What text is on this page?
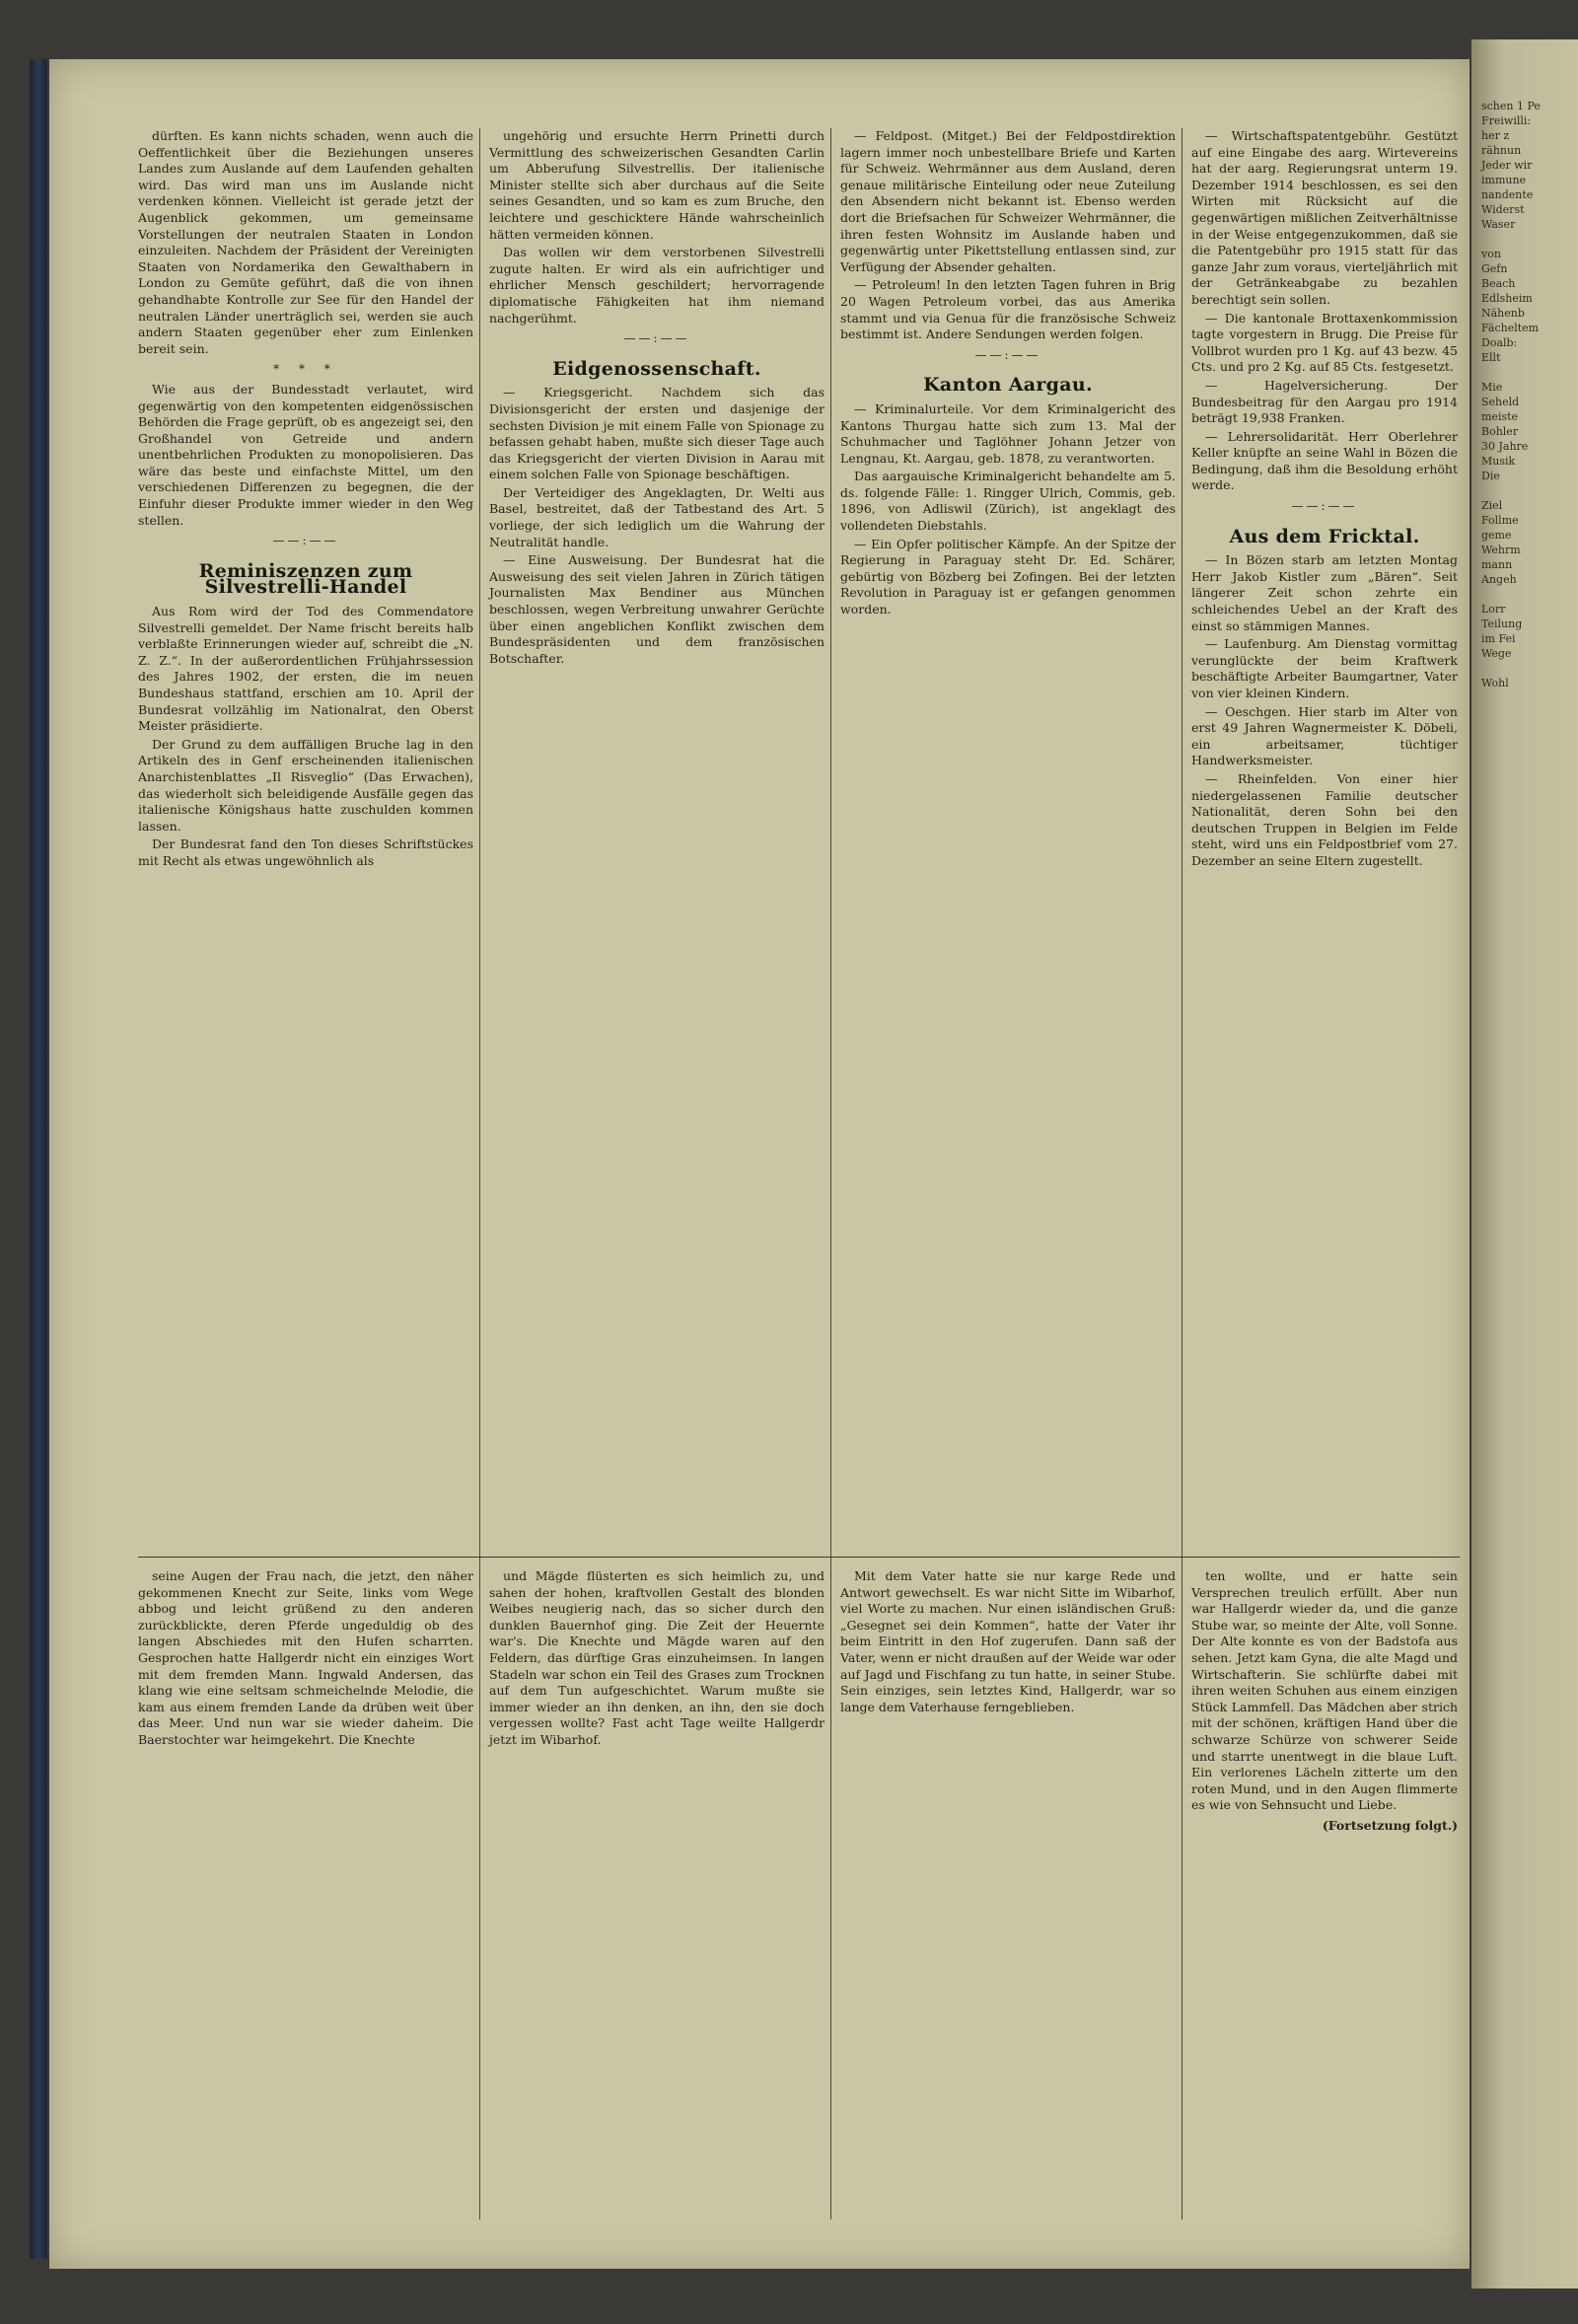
schen 1 Pe
Freiwilli:
her z
rähnun
Jeder wir
immune
nandente
Widerst
Waser

von
Gefn
Beach
Edlsheim
Nähenb
Fächeltem
Doalb:
Ellt

Mie
Seheld
meiste
Bohler
30 Jahre
Musik
Die

Ziel
Follme
geme
Wehrm
mann
Angeh

Lorr
Teilung
im Fei
Wege

Wohl

dürften. Es kann nichts schaden, wenn auch die Oeffentlichkeit über die Beziehungen unseres Landes zum Auslande auf dem Laufenden gehalten wird. Das wird man uns im Auslande nicht verdenken können. Vielleicht ist gerade jetzt der Augenblick gekommen, um gemeinsame Vorstellungen der neutralen Staaten in London einzuleiten. Nachdem der Präsident der Vereinigten Staaten von Nordamerika den Gewalthabern in London zu Gemüte geführt, daß die von ihnen gehandhabte Kontrolle zur See für den Handel der neutralen Länder unerträglich sei, werden sie auch andern Staaten gegenüber eher zum Einlenken bereit sein.

* * *

Wie aus der Bundesstadt verlautet, wird gegenwärtig von den kompetenten eidgenössischen Behörden die Frage geprüft, ob es angezeigt sei, den Großhandel von Getreide und andern unentbehrlichen Produkten zu monopolisieren. Das wäre das beste und einfachste Mittel, um den verschiedenen Differenzen zu begegnen, die der Einfuhr dieser Produkte immer wieder in den Weg stellen.

——:——
Reminiszenzen zum Silvestrelli-Handel

Aus Rom wird der Tod des Commendatore Silvestrelli gemeldet. Der Name frischt bereits halb verblaßte Erinnerungen wieder auf, schreibt die „N. Z. Z.“. In der außerordentlichen Frühjahrssession des Jahres 1902, der ersten, die im neuen Bundeshaus stattfand, erschien am 10. April der Bundesrat vollzählig im Nationalrat, den Oberst Meister präsidierte.

Der Grund zu dem auffälligen Bruche lag in den Artikeln des in Genf erscheinenden italienischen Anarchistenblattes „Il Risveglio“ (Das Erwachen), das wiederholt sich beleidigende Ausfälle gegen das italienische Königshaus hatte zuschulden kommen lassen.

Der Bundesrat fand den Ton dieses Schriftstückes mit Recht als etwas ungewöhnlich als

ungehörig und ersuchte Herrn Prinetti durch Vermittlung des schweizerischen Gesandten Carlin um Abberufung Silvestrellis. Der italienische Minister stellte sich aber durchaus auf die Seite seines Gesandten, und so kam es zum Bruche, den leichtere und geschicktere Hände wahrscheinlich hätten vermeiden können.

Das wollen wir dem verstorbenen Silvestrelli zugute halten. Er wird als ein aufrichtiger und ehrlicher Mensch geschildert; hervorragende diplomatische Fähigkeiten hat ihm niemand nachgerühmt.

——:——
Eidgenossenschaft.

— Kriegsgericht. Nachdem sich das Divisionsgericht der ersten und dasjenige der sechsten Division je mit einem Falle von Spionage zu befassen gehabt haben, mußte sich dieser Tage auch das Kriegsgericht der vierten Division in Aarau mit einem solchen Falle von Spionage beschäftigen.

Der Verteidiger des Angeklagten, Dr. Welti aus Basel, bestreitet, daß der Tatbestand des Art. 5 vorliege, der sich lediglich um die Wahrung der Neutralität handle.

— Eine Ausweisung. Der Bundesrat hat die Ausweisung des seit vielen Jahren in Zürich tätigen Journalisten Max Bendiner aus München beschlossen, wegen Verbreitung unwahrer Gerüchte über einen angeblichen Konflikt zwischen dem Bundespräsidenten und dem französischen Botschafter.

— Feldpost. (Mitget.) Bei der Feldpostdirektion lagern immer noch unbestellbare Briefe und Karten für Schweiz. Wehrmänner aus dem Ausland, deren genaue militärische Einteilung oder neue Zuteilung den Absendern nicht bekannt ist. Ebenso werden dort die Briefsachen für Schweizer Wehrmänner, die ihren festen Wohnsitz im Auslande haben und gegenwärtig unter Pikettstellung entlassen sind, zur Verfügung der Absender gehalten.

— Petroleum! In den letzten Tagen fuhren in Brig 20 Wagen Petroleum vorbei, das aus Amerika stammt und via Genua für die französische Schweiz bestimmt ist. Andere Sendungen werden folgen.

——:——
Kanton Aargau.

— Kriminalurteile. Vor dem Kriminalgericht des Kantons Thurgau hatte sich zum 13. Mal der Schuhmacher und Taglöhner Johann Jetzer von Lengnau, Kt. Aargau, geb. 1878, zu verantworten.

Das aargauische Kriminalgericht behandelte am 5. ds. folgende Fälle: 1. Ringger Ulrich, Commis, geb. 1896, von Adliswil (Zürich), ist angeklagt des vollendeten Diebstahls.

— Ein Opfer politischer Kämpfe. An der Spitze der Regierung in Paraguay steht Dr. Ed. Schärer, gebürtig von Bözberg bei Zofingen. Bei der letzten Revolution in Paraguay ist er gefangen genommen worden.

— Wirtschaftspatentgebühr. Gestützt auf eine Eingabe des aarg. Wirtevereins hat der aarg. Regierungsrat unterm 19. Dezember 1914 beschlossen, es sei den Wirten mit Rücksicht auf die gegenwärtigen mißlichen Zeitverhältnisse in der Weise entgegenzukommen, daß sie die Patentgebühr pro 1915 statt für das ganze Jahr zum voraus, vierteljährlich mit der Getränkeabgabe zu bezahlen berechtigt sein sollen.

— Die kantonale Brottaxenkommission tagte vorgestern in Brugg. Die Preise für Vollbrot wurden pro 1 Kg. auf 43 bezw. 45 Cts. und pro 2 Kg. auf 85 Cts. festgesetzt.

— Hagelversicherung. Der Bundesbeitrag für den Aargau pro 1914 beträgt 19,938 Franken.

— Lehrersolidarität. Herr Oberlehrer Keller knüpfte an seine Wahl in Bözen die Bedingung, daß ihm die Besoldung erhöht werde.

——:——
Aus dem Fricktal.

— In Bözen starb am letzten Montag Herr Jakob Kistler zum „Bären“. Seit längerer Zeit schon zehrte ein schleichendes Uebel an der Kraft des einst so stämmigen Mannes.

— Laufenburg. Am Dienstag vormittag verunglückte der beim Kraftwerk beschäftigte Arbeiter Baumgartner, Vater von vier kleinen Kindern.

— Oeschgen. Hier starb im Alter von erst 49 Jahren Wagnermeister K. Döbeli, ein arbeitsamer, tüchtiger Handwerksmeister.

— Rheinfelden. Von einer hier niedergelassenen Familie deutscher Nationalität, deren Sohn bei den deutschen Truppen in Belgien im Felde steht, wird uns ein Feldpostbrief vom 27. Dezember an seine Eltern zugestellt.

seine Augen der Frau nach, die jetzt, den näher gekommenen Knecht zur Seite, links vom Wege abbog und leicht grüßend zu den anderen zurückblickte, deren Pferde ungeduldig ob des langen Abschiedes mit den Hufen scharrten. Gesprochen hatte Hallgerdr nicht ein einziges Wort mit dem fremden Mann. Ingwald Andersen, das klang wie eine seltsam schmeichelnde Melodie, die kam aus einem fremden Lande da drüben weit über das Meer. Und nun war sie wieder daheim. Die Baerstochter war heimgekehrt. Die Knechte

und Mägde flüsterten es sich heimlich zu, und sahen der hohen, kraftvollen Gestalt des blonden Weibes neugierig nach, das so sicher durch den dunklen Bauernhof ging. Die Zeit der Heuernte war's. Die Knechte und Mägde waren auf den Feldern, das dürftige Gras einzuheimsen. In langen Stadeln war schon ein Teil des Grases zum Trocknen auf dem Tun aufgeschichtet. Warum mußte sie immer wieder an ihn denken, an ihn, den sie doch vergessen wollte? Fast acht Tage weilte Hallgerdr jetzt im Wibarhof.

Mit dem Vater hatte sie nur karge Rede und Antwort gewechselt. Es war nicht Sitte im Wibarhof, viel Worte zu machen. Nur einen isländischen Gruß: „Gesegnet sei dein Kommen“, hatte der Vater ihr beim Eintritt in den Hof zugerufen. Dann saß der Vater, wenn er nicht draußen auf der Weide war oder auf Jagd und Fischfang zu tun hatte, in seiner Stube. Sein einziges, sein letztes Kind, Hallgerdr, war so lange dem Vaterhause ferngeblieben.

ten wollte, und er hatte sein Versprechen treulich erfüllt. Aber nun war Hallgerdr wieder da, und die ganze Stube war, so meinte der Alte, voll Sonne. Der Alte konnte es von der Badstofa aus sehen. Jetzt kam Gyna, die alte Magd und Wirtschafterin. Sie schlürfte dabei mit ihren weiten Schuhen aus einem einzigen Stück Lammfell. Das Mädchen aber strich mit der schönen, kräftigen Hand über die schwarze Schürze von schwerer Seide und starrte unentwegt in die blaue Luft. Ein verlorenes Lächeln zitterte um den roten Mund, und in den Augen flimmerte es wie von Sehnsucht und Liebe.

(Fortsetzung folgt.)
